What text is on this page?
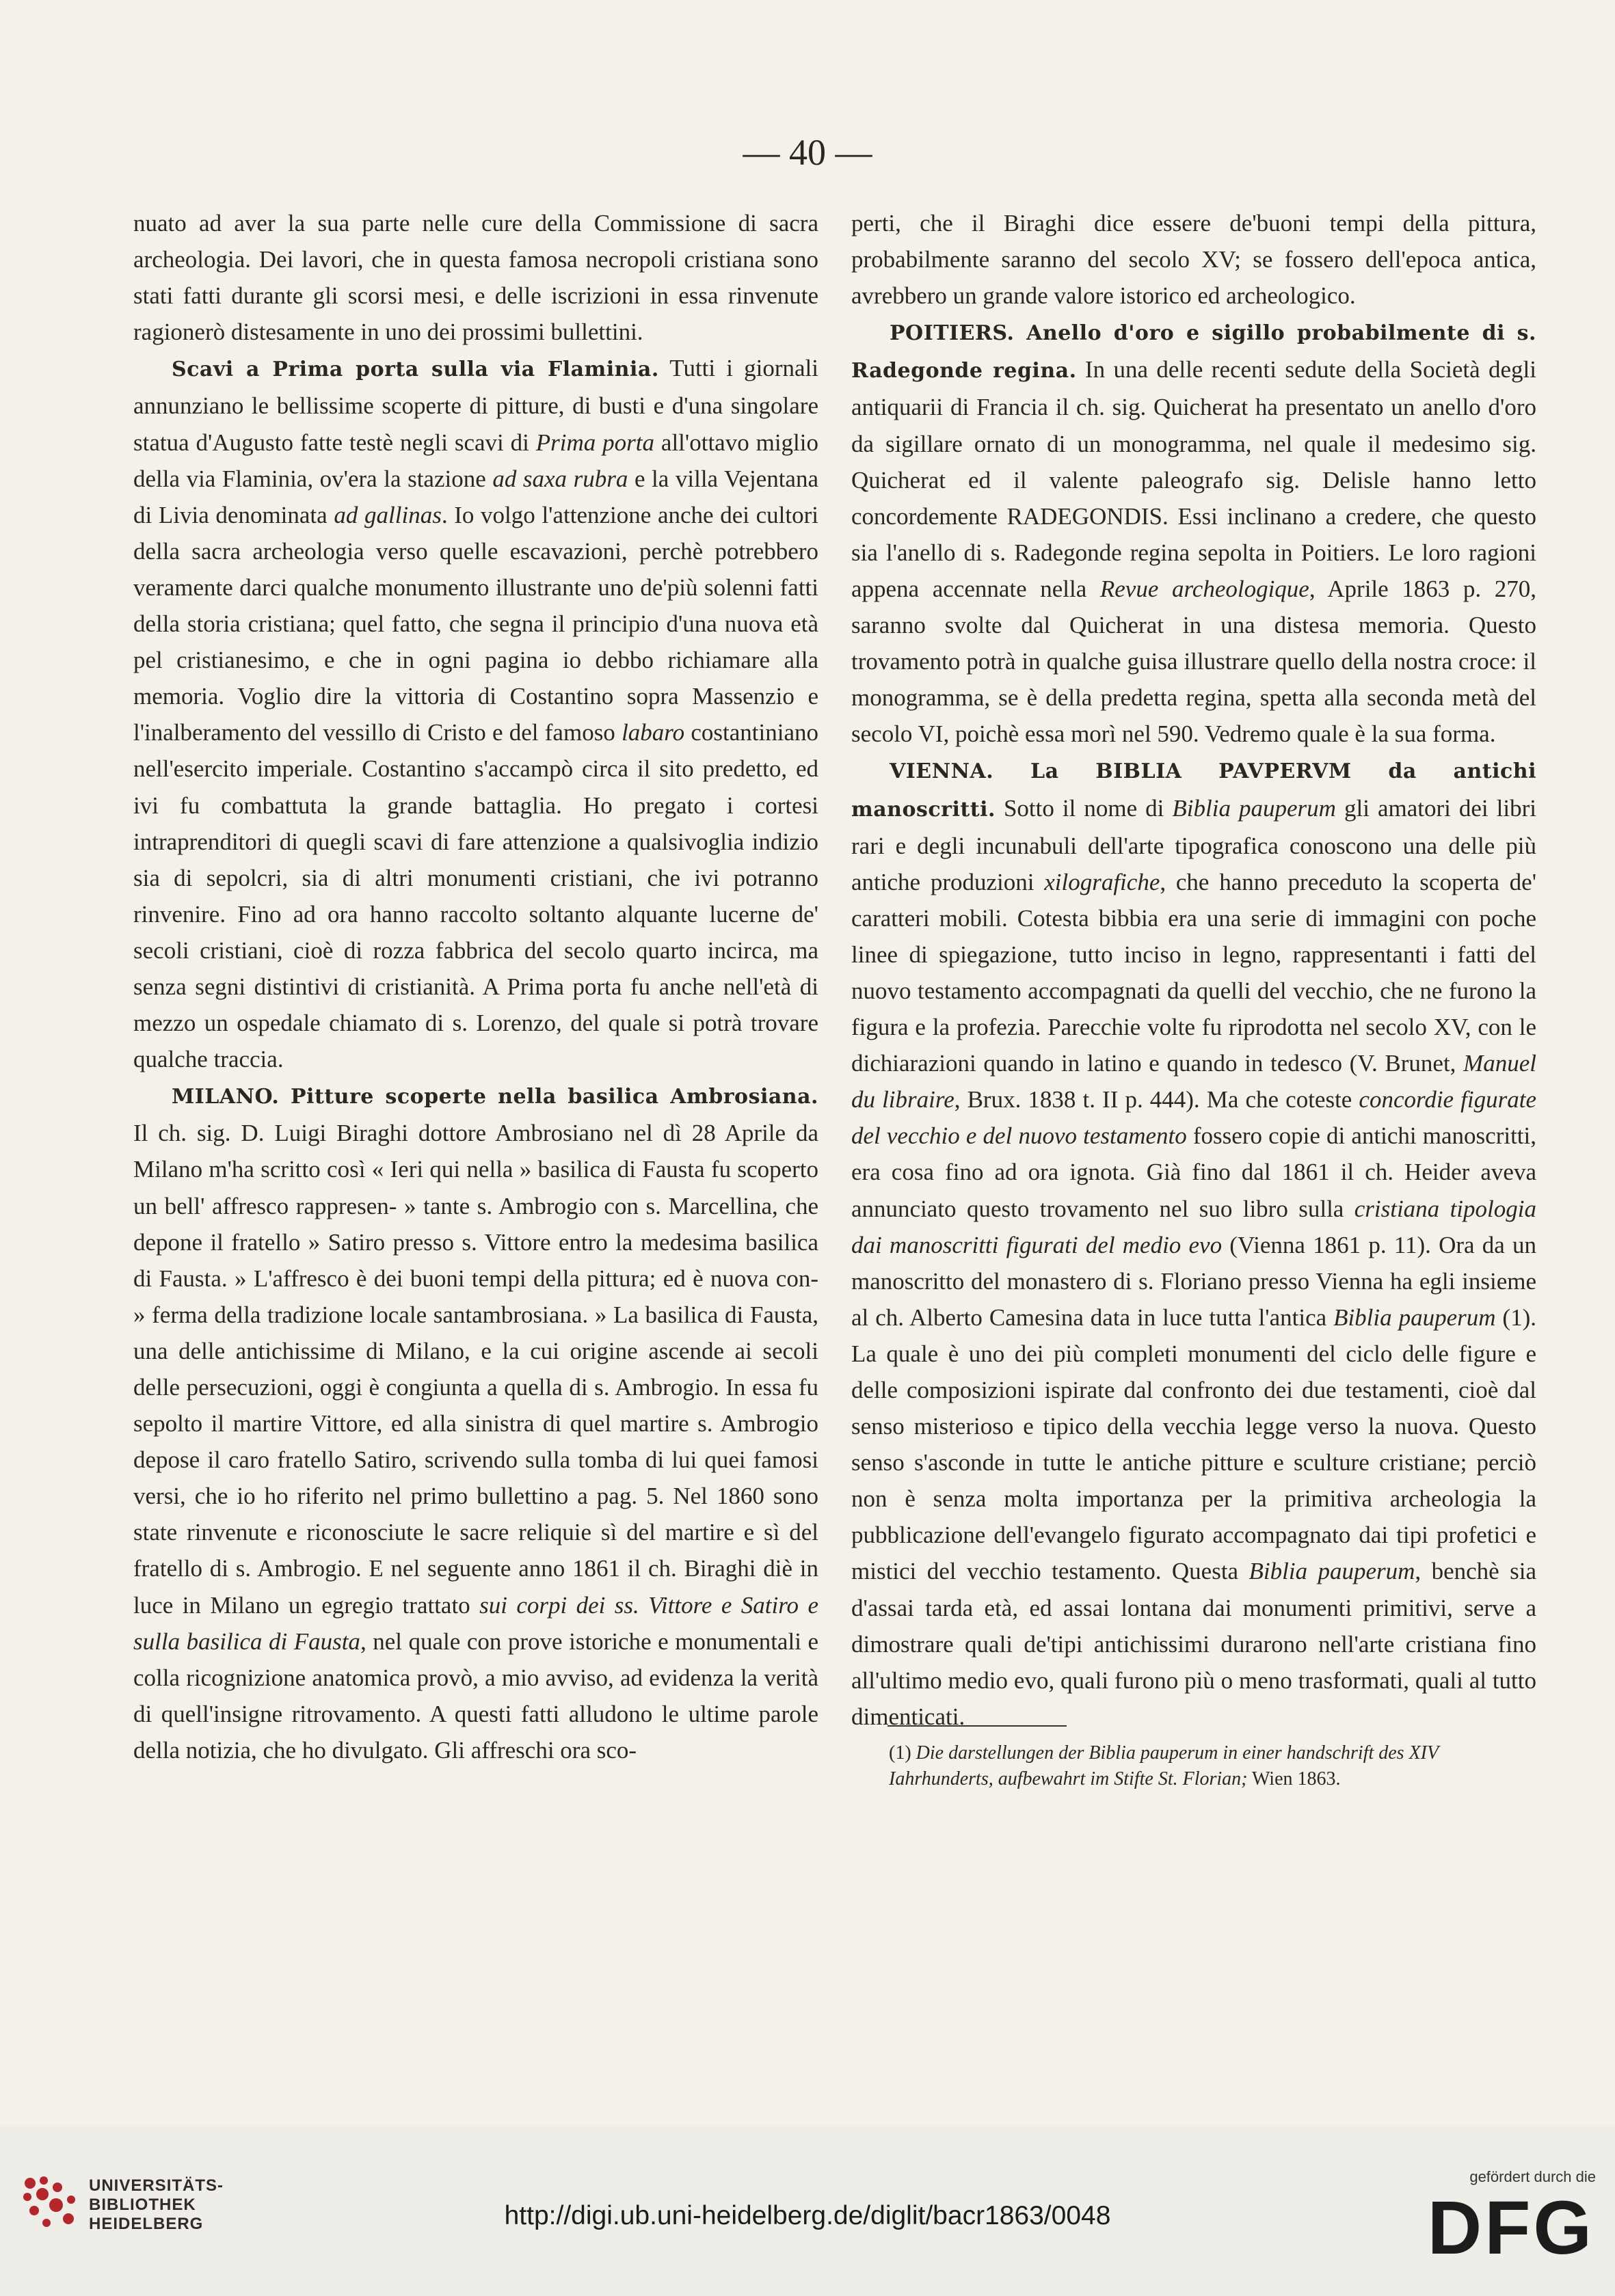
— 40 —

nuato ad aver la sua parte nelle cure della Commissione di sacra archeologia. Dei lavori, che in questa famosa necropoli cristiana sono stati fatti durante gli scorsi mesi, e delle iscrizioni in essa rinvenute ragionerò distesamente in uno dei prossimi bullettini.

Scavi a Prima porta sulla via Flaminia. Tutti i giornali annunziano le bellissime scoperte di pitture, di busti e d'una singolare statua d'Augusto fatte testè negli scavi di Prima porta all'ottavo miglio della via Flaminia, ov'era la stazione ad saxa rubra e la villa Vejentana di Livia denominata ad gallinas. Io volgo l'attenzione anche dei cultori della sacra archeologia verso quelle escavazioni, perchè potrebbero veramente darci qualche monumento illustrante uno de'più solenni fatti della storia cristiana; quel fatto, che segna il principio d'una nuova età pel cristianesimo, e che in ogni pagina io debbo richiamare alla memoria. Voglio dire la vittoria di Costantino sopra Massenzio e l'inalberamento del vessillo di Cristo e del famoso labaro costantiniano nell'esercito imperiale. Costantino s'accampò circa il sito predetto, ed ivi fu combattuta la grande battaglia. Ho pregato i cortesi intraprenditori di quegli scavi di fare attenzione a qualsivoglia indizio sia di sepolcri, sia di altri monumenti cristiani, che ivi potranno rinvenire. Fino ad ora hanno raccolto soltanto alquante lucerne de' secoli cristiani, cioè di rozza fabbrica del secolo quarto incirca, ma senza segni distintivi di cristianità. A Prima porta fu anche nell'età di mezzo un ospedale chiamato di s. Lorenzo, del quale si potrà trovare qualche traccia.

MILANO. Pitture scoperte nella basilica Ambrosiana. Il ch. sig. D. Luigi Biraghi dottore Ambrosiano nel dì 28 Aprile da Milano m'ha scritto così « Ieri qui nella » basilica di Fausta fu scoperto un bell' affresco rappresen- » tante s. Ambrogio con s. Marcellina, che depone il fratello » Satiro presso s. Vittore entro la medesima basilica di Fausta. » L'affresco è dei buoni tempi della pittura; ed è nuova con- » ferma della tradizione locale santambrosiana. » La basilica di Fausta, una delle antichissime di Milano, e la cui origine ascende ai secoli delle persecuzioni, oggi è congiunta a quella di s. Ambrogio. In essa fu sepolto il martire Vittore, ed alla sinistra di quel martire s. Ambrogio depose il caro fratello Satiro, scrivendo sulla tomba di lui quei famosi versi, che io ho riferito nel primo bullettino a pag. 5. Nel 1860 sono state rinvenute e riconosciute le sacre reliquie sì del martire e sì del fratello di s. Ambrogio. E nel seguente anno 1861 il ch. Biraghi diè in luce in Milano un egregio trattato sui corpi dei ss. Vittore e Satiro e sulla basilica di Fausta, nel quale con prove istoriche e monumentali e colla ricognizione anatomica provò, a mio avviso, ad evidenza la verità di quell'insigne ritrovamento. A questi fatti alludono le ultime parole della notizia, che ho divulgato. Gli affreschi ora sco-

perti, che il Biraghi dice essere de'buoni tempi della pittura, probabilmente saranno del secolo XV; se fossero dell'epoca antica, avrebbero un grande valore istorico ed archeologico.

POITIERS. Anello d'oro e sigillo probabilmente di s. Radegonde regina. In una delle recenti sedute della Società degli antiquarii di Francia il ch. sig. Quicherat ha presentato un anello d'oro da sigillare ornato di un monogramma, nel quale il medesimo sig. Quicherat ed il valente paleografo sig. Delisle hanno letto concordemente RADEGONDIS. Essi inclinano a credere, che questo sia l'anello di s. Radegonde regina sepolta in Poitiers. Le loro ragioni appena accennate nella Revue archeologique, Aprile 1863 p. 270, saranno svolte dal Quicherat in una distesa memoria. Questo trovamento potrà in qualche guisa illustrare quello della nostra croce: il monogramma, se è della predetta regina, spetta alla seconda metà del secolo VI, poichè essa morì nel 590. Vedremo quale è la sua forma.

VIENNA. La BIBLIA PAVPERVM da antichi manoscritti. Sotto il nome di Biblia pauperum gli amatori dei libri rari e degli incunabuli dell'arte tipografica conoscono una delle più antiche produzioni xilografiche, che hanno preceduto la scoperta de' caratteri mobili. Cotesta bibbia era una serie di immagini con poche linee di spiegazione, tutto inciso in legno, rappresentanti i fatti del nuovo testamento accompagnati da quelli del vecchio, che ne furono la figura e la profezia. Parecchie volte fu riprodotta nel secolo XV, con le dichiarazioni quando in latino e quando in tedesco (V. Brunet, Manuel du libraire, Brux. 1838 t. II p. 444). Ma che coteste concordie figurate del vecchio e del nuovo testamento fossero copie di antichi manoscritti, era cosa fino ad ora ignota. Già fino dal 1861 il ch. Heider aveva annunciato questo trovamento nel suo libro sulla cristiana tipologia dai manoscritti figurati del medio evo (Vienna 1861 p. 11). Ora da un manoscritto del monastero di s. Floriano presso Vienna ha egli insieme al ch. Alberto Camesina data in luce tutta l'antica Biblia pauperum (1). La quale è uno dei più completi monumenti del ciclo delle figure e delle composizioni ispirate dal confronto dei due testamenti, cioè dal senso misterioso e tipico della vecchia legge verso la nuova. Questo senso s'asconde in tutte le antiche pitture e sculture cristiane; perciò non è senza molta importanza per la primitiva archeologia la pubblicazione dell'evangelo figurato accompagnato dai tipi profetici e mistici del vecchio testamento. Questa Biblia pauperum, benchè sia d'assai tarda età, ed assai lontana dai monumenti primitivi, serve a dimostrare quali de'tipi antichissimi durarono nell'arte cristiana fino all'ultimo medio evo, quali furono più o meno trasformati, quali al tutto dimenticati.

(1) Die darstellungen der Biblia pauperum in einer handschrift des XIV Iahrhunderts, aufbewahrt im Stifte St. Florian; Wien 1863.

UNIVERSITÄTS-
BIBLIOTHEK
HEIDELBERG	http://digi.ub.uni-heidelberg.de/diglit/bacr1863/0048
gefördert durch die
DFG
